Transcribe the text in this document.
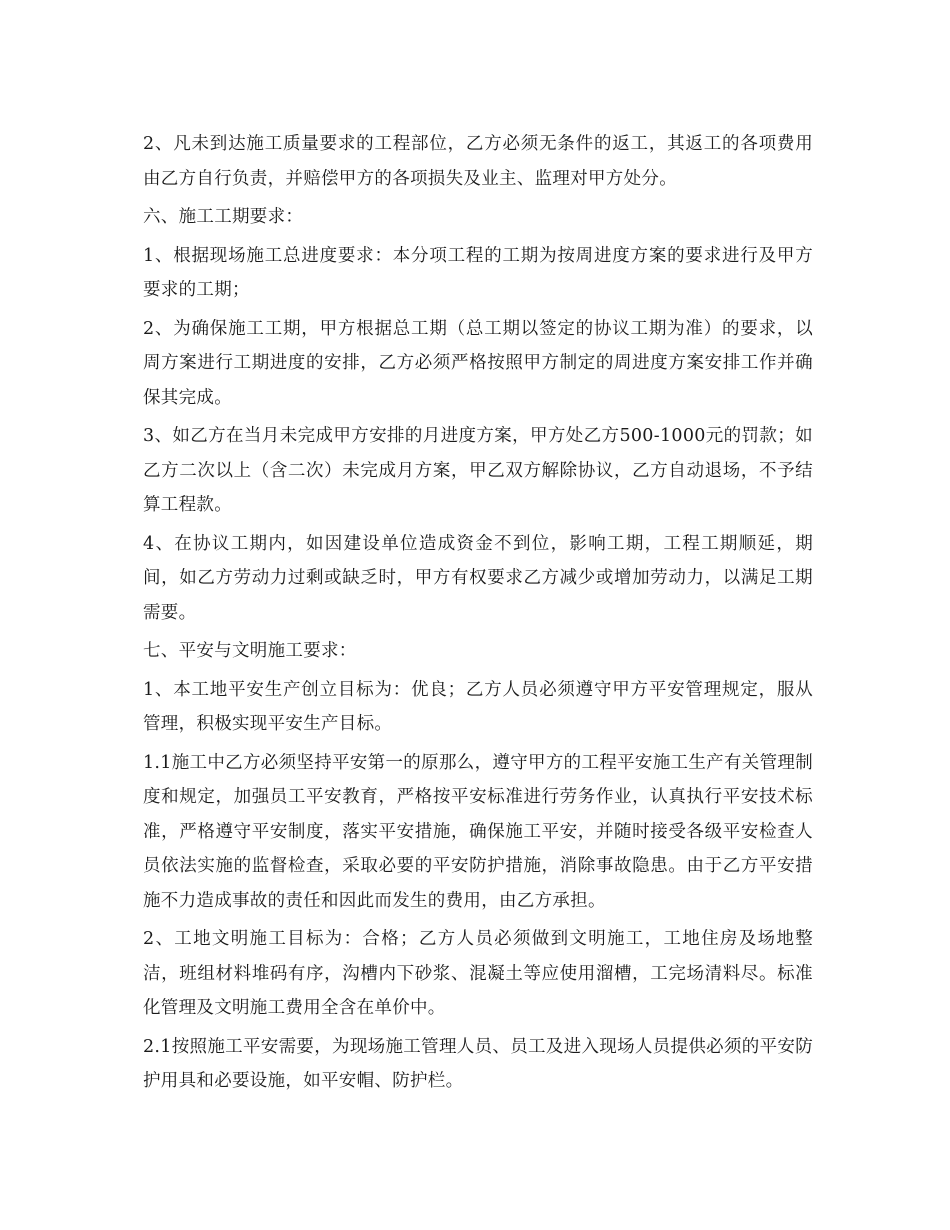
2、凡未到达施工质量要求的工程部位，乙方必须无条件的返工，其返工的各项费用由乙方自行负责，并赔偿甲方的各项损失及业主、监理对甲方处分。

六、施工工期要求：

1、根据现场施工总进度要求：本分项工程的工期为按周进度方案的要求进行及甲方要求的工期；

2、为确保施工工期，甲方根据总工期（总工期以签定的协议工期为准）的要求，以周方案进行工期进度的安排，乙方必须严格按照甲方制定的周进度方案安排工作并确保其完成。

3、如乙方在当月未完成甲方安排的月进度方案，甲方处乙方500-1000元的罚款；如乙方二次以上（含二次）未完成月方案，甲乙双方解除协议，乙方自动退场，不予结算工程款。

4、在协议工期内，如因建设单位造成资金不到位，影响工期，工程工期顺延，期间，如乙方劳动力过剩或缺乏时，甲方有权要求乙方减少或增加劳动力，以满足工期需要。

七、平安与文明施工要求：

1、本工地平安生产创立目标为：优良；乙方人员必须遵守甲方平安管理规定，服从管理，积极实现平安生产目标。

1.1施工中乙方必须坚持平安第一的原那么，遵守甲方的工程平安施工生产有关管理制度和规定，加强员工平安教育，严格按平安标准进行劳务作业，认真执行平安技术标准，严格遵守平安制度，落实平安措施，确保施工平安，并随时接受各级平安检查人员依法实施的监督检查，采取必要的平安防护措施，消除事故隐患。由于乙方平安措施不力造成事故的责任和因此而发生的费用，由乙方承担。

2、工地文明施工目标为：合格；乙方人员必须做到文明施工，工地住房及场地整洁，班组材料堆码有序，沟槽内下砂浆、混凝土等应使用溜槽，工完场清料尽。标准化管理及文明施工费用全含在单价中。

2.1按照施工平安需要，为现场施工管理人员、员工及进入现场人员提供必须的平安防护用具和必要设施，如平安帽、防护栏。
